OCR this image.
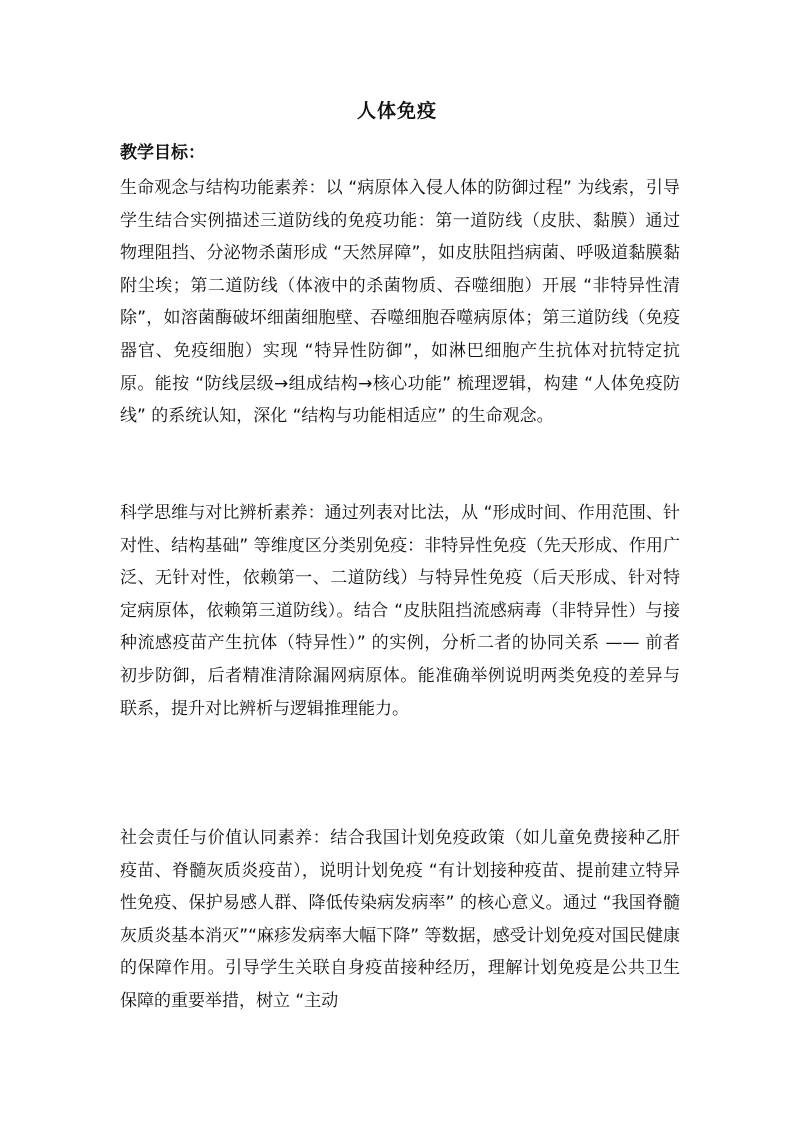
人体免疫
教学目标：

生命观念与结构功能素养：以 “病原体入侵人体的防御过程” 为线索，引导学生结合实例描述三道防线的免疫功能：第一道防线（皮肤、黏膜）通过物理阻挡、分泌物杀菌形成 “天然屏障”，如皮肤阻挡病菌、呼吸道黏膜黏附尘埃；第二道防线（体液中的杀菌物质、吞噬细胞）开展 “非特异性清除”，如溶菌酶破坏细菌细胞壁、吞噬细胞吞噬病原体；第三道防线（免疫器官、免疫细胞）实现 “特异性防御”，如淋巴细胞产生抗体对抗特定抗原。能按 “防线层级→组成结构→核心功能” 梳理逻辑，构建 “人体免疫防线” 的系统认知，深化 “结构与功能相适应” 的生命观念。

科学思维与对比辨析素养：通过列表对比法，从 “形成时间、作用范围、针对性、结构基础” 等维度区分类别免疫：非特异性免疫（先天形成、作用广泛、无针对性，依赖第一、二道防线）与特异性免疫（后天形成、针对特定病原体，依赖第三道防线）。结合 “皮肤阻挡流感病毒（非特异性）与接种流感疫苗产生抗体（特异性）” 的实例，分析二者的协同关系 —— 前者初步防御，后者精准清除漏网病原体。能准确举例说明两类免疫的差异与联系，提升对比辨析与逻辑推理能力。

社会责任与价值认同素养：结合我国计划免疫政策（如儿童免费接种乙肝疫苗、脊髓灰质炎疫苗），说明计划免疫 “有计划接种疫苗、提前建立特异性免疫、保护易感人群、降低传染病发病率” 的核心意义。通过 “我国脊髓灰质炎基本消灭”“麻疹发病率大幅下降” 等数据，感受计划免疫对国民健康的保障作用。引导学生关联自身疫苗接种经历，理解计划免疫是公共卫生保障的重要举措，树立 “主动
